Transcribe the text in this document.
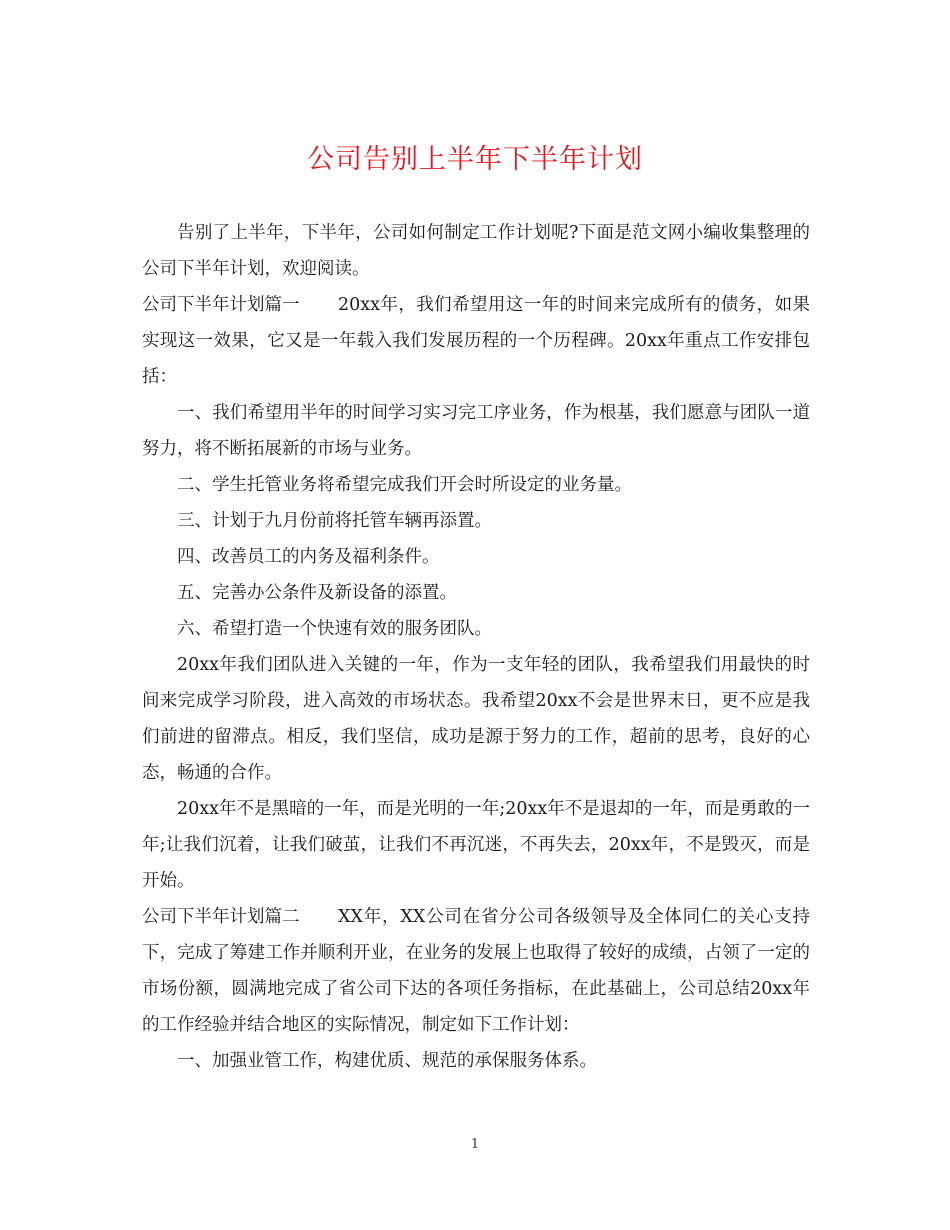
公司告别上半年下半年计划

告别了上半年，下半年，公司如何制定工作计划呢?下面是范文网小编收集整理的公司下半年计划，欢迎阅读。

公司下半年计划篇一 20xx年，我们希望用这一年的时间来完成所有的债务，如果实现这一效果，它又是一年载入我们发展历程的一个历程碑。20xx年重点工作安排包括：

一、我们希望用半年的时间学习实习完工序业务，作为根基，我们愿意与团队一道努力，将不断拓展新的市场与业务。

二、学生托管业务将希望完成我们开会时所设定的业务量。

三、计划于九月份前将托管车辆再添置。

四、改善员工的内务及福利条件。

五、完善办公条件及新设备的添置。

六、希望打造一个快速有效的服务团队。

20xx年我们团队进入关键的一年，作为一支年轻的团队，我希望我们用最快的时间来完成学习阶段，进入高效的市场状态。我希望20xx不会是世界末日，更不应是我们前进的留滞点。相反，我们坚信，成功是源于努力的工作，超前的思考，良好的心态，畅通的合作。

20xx年不是黑暗的一年，而是光明的一年;20xx年不是退却的一年，而是勇敢的一年;让我们沉着，让我们破茧，让我们不再沉迷，不再失去，20xx年，不是毁灭，而是开始。

公司下半年计划篇二 XX年，XX公司在省分公司各级领导及全体同仁的关心支持下，完成了筹建工作并顺利开业，在业务的发展上也取得了较好的成绩，占领了一定的市场份额，圆满地完成了省公司下达的各项任务指标，在此基础上，公司总结20xx年的工作经验并结合地区的实际情况，制定如下工作计划：

一、加强业管工作，构建优质、规范的承保服务体系。

1
